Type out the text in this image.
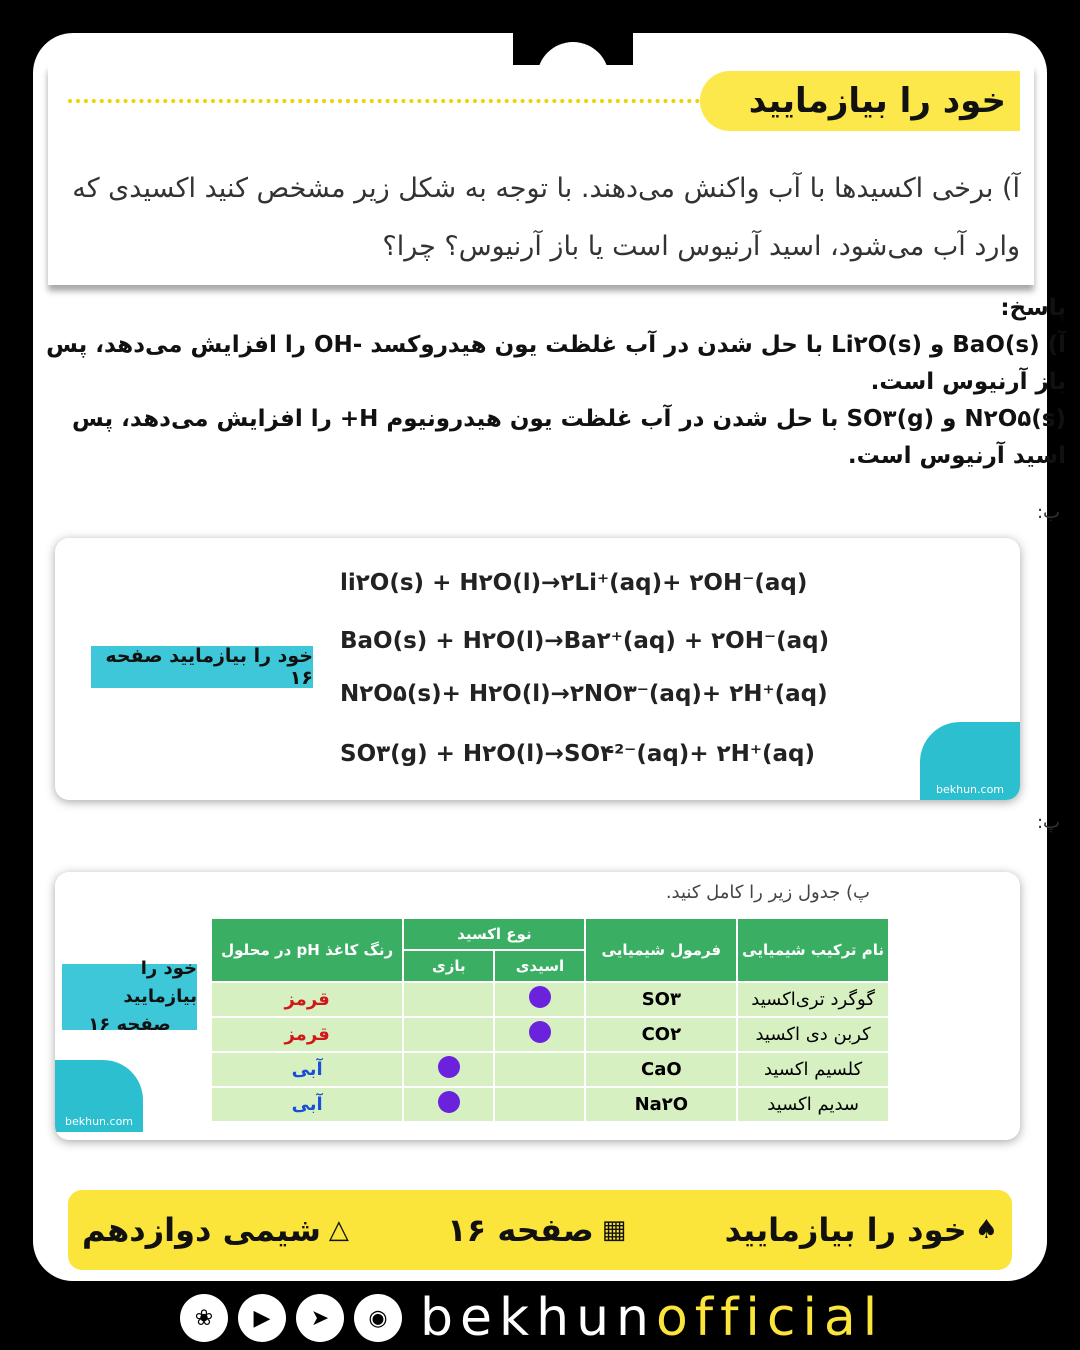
خود را بیازمایید
آ) برخی اکسیدها با آب واکنش می‌دهند. با توجه به شکل زیر مشخص کنید اکسیدی که وارد آب می‌شود، اسید آرنیوس است یا باز آرنیوس؟ چرا؟
پاسخ:
آ) BaO(s) و Li۲O(s) با حل شدن در آب غلظت یون هیدروکسد -OH را افزایش می‌دهد، پس باز آرنیوس است.
N۲O۵(s) و SO۳(g) با حل شدن در آب غلظت یون هیدرونیوم H+ را افزایش می‌دهد، پس اسید آرنیوس است.
ب:
خود را بیازمایید صفحه ۱۶
li۲O(s) + H۲O(l)→۲Li⁺(aq)+ ۲OH⁻(aq)
BaO(s) + H۲O(l)→Ba۲⁺(aq) + ۲OH⁻(aq)
N۲O۵(s)+ H۲O(l)→۲NO۳⁻(aq)+ ۲H⁺(aq)
SO۳(g) + H۲O(l)→SO۴²⁻(aq)+ ۲H⁺(aq)
bekhun.com
پ:
پ) جدول زیر را کامل کنید.
خود را بیازمایید
صفحه ۱۶
نام ترکیب شیمیایی	فرمول شیمیایی	نوع اکسید		رنگ کاغذ pH در محلول
		اسیدی	بازی	
گوگرد تری‌اکسید	SO۳			قرمز
کربن دی اکسید	CO۲			قرمز
کلسیم اکسید	CaO			آبی
سدیم اکسید	Na۲O			آبی
bekhun.com
♠
خود را بیازمایید
▦
صفحه ۱۶
△
شیمی دوازدهم
❀	▶	➤	◉ bekhunofficial
